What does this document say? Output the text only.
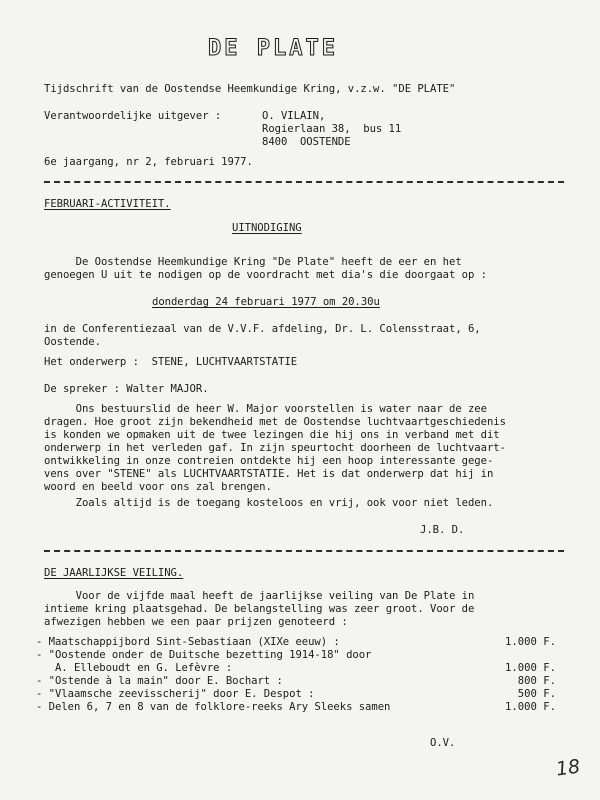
DE PLATE
Tijdschrift van de Oostendse Heemkundige Kring, v.z.w. "DE PLATE"
Verantwoordelijke uitgever :	O. VILAIN,
Rogierlaan 38,  bus 11
8400  OOSTENDE
6e jaargang, nr 2, februari 1977.
FEBRUARI-ACTIVITEIT.
UITNODIGING
De Oostendse Heemkundige Kring "De Plate" heeft de eer en het
genoegen U uit te nodigen op de voordracht met dia's die doorgaat op :
donderdag 24 februari 1977 om 20.30u
in de Conferentiezaal van de V.V.F. afdeling, Dr. L. Colensstraat, 6,
Oostende.
Het onderwerp :  STENE, LUCHTVAARTSTATIE
De spreker : Walter MAJOR.
Ons bestuurslid de heer W. Major voorstellen is water naar de zee
dragen. Hoe groot zijn bekendheid met de Oostendse luchtvaartgeschiedenis
is konden we opmaken uit de twee lezingen die hij ons in verband met dit
onderwerp in het verleden gaf. In zijn speurtocht doorheen de luchtvaart-
ontwikkeling in onze contreien ontdekte hij een hoop interessante gege-
vens over "STENE" als LUCHTVAARTSTATIE. Het is dat onderwerp dat hij in
woord en beeld voor ons zal brengen.
Zoals altijd is de toegang kosteloos en vrij, ook voor niet leden.
J.B. D.
DE JAARLIJKSE VEILING.
Voor de vijfde maal heeft de jaarlijkse veiling van De Plate in
intieme kring plaatsgehad. De belangstelling was zeer groot. Voor de
afwezigen hebben we een paar prijzen genoteerd :
- Maatschappijbord Sint-Sebastiaan (XIXe eeuw) :	1.000 F.
- "Oostende onder de Duitsche bezetting 1914-18" door
A. Elleboudt en G. Lefèvre :	1.000 F.
- "Ostende à la main" door E. Bochart :	800 F.
- "Vlaamsche zeevisscherij" door E. Despot :	500 F.
- Delen 6, 7 en 8 van de folklore-reeks Ary Sleeks samen	1.000 F.
O.V.
18
